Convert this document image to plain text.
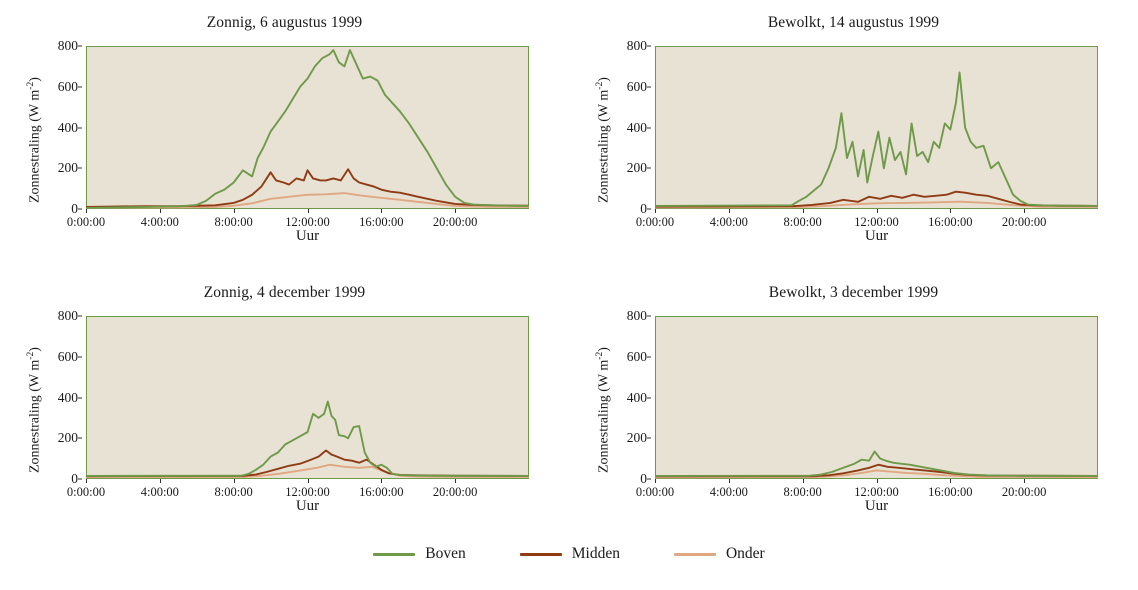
Zonnig, 6 augustus 1999
Zonnestraling (W $m^{-2}$)
0
200
400
600
800
0:00:00	4:00:00	8:00:00	12:00:00 16:00:00 20:00:00
Uur
Bewolkt, 14 augustus 1999
Zonnestraling (W $m^{-2}$)
0
200
400
600
800
0:00:00	4:00:00	8:00:00	12:00:00 16:00:00 20:00:00
Uur
Zonnig, 4 december 1999
Zonnestraling (W $m^{-2}$)
0
200
400
600
800
0:00:00	4:00:00	8:00:00	12:00:00 16:00:00 20:00:00
Uur
Bewolkt, 3 december 1999
Zonnestraling (W $m^{-2}$)
0
200
400
600
800
0:00:00	4:00:00	8:00:00	12:00:00 16:00:00 20:00:00
Uur
Boven	Midden	Onder
